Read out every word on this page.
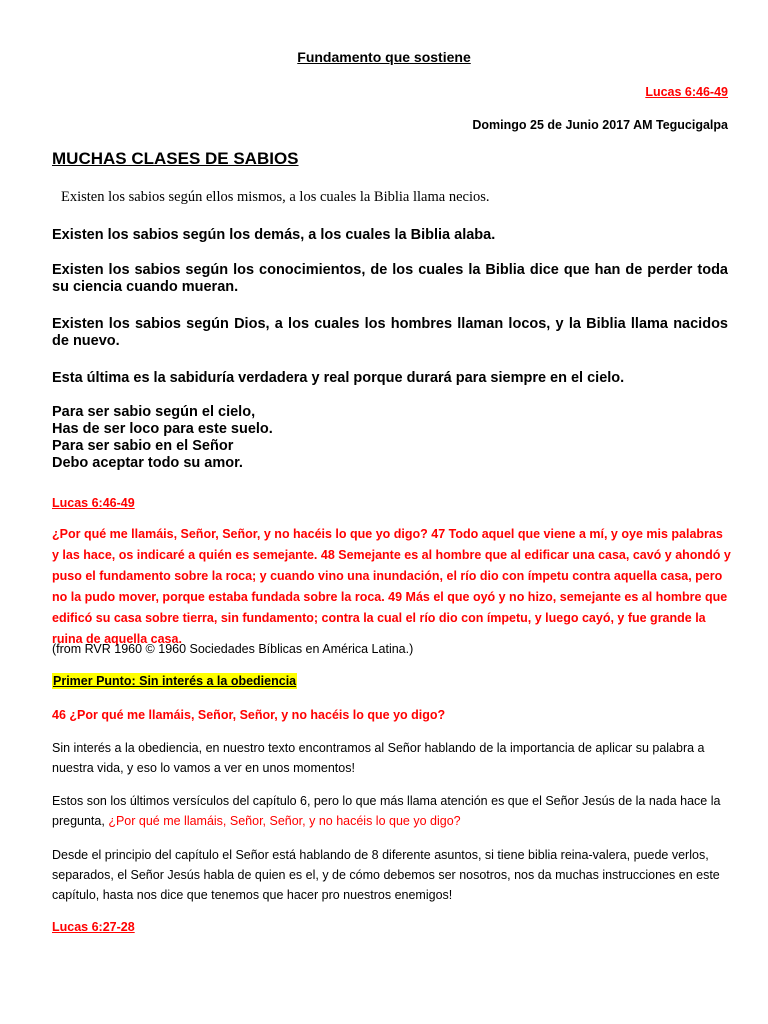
Fundamento que sostiene
Lucas 6:46-49
Domingo 25 de Junio 2017 AM Tegucigalpa
MUCHAS CLASES DE SABIOS
Existen los sabios según ellos mismos, a los cuales la Biblia llama necios.
Existen los sabios según los demás, a los cuales la Biblia alaba.
Existen los sabios según los conocimientos, de los cuales la Biblia dice que han de perder toda su ciencia cuando mueran.
Existen los sabios según Dios, a los cuales los hombres llaman locos, y la Biblia llama nacidos de nuevo.
Esta última es la sabiduría verdadera y real porque durará para siempre en el cielo.
Para ser sabio según el cielo,
Has de ser loco para este suelo.
Para ser sabio en el Señor
Debo aceptar todo su amor.
Lucas 6:46-49
¿Por qué me llamáis, Señor, Señor, y no hacéis lo que yo digo? 47 Todo aquel que viene a mí, y oye mis palabras y las hace, os indicaré a quién es semejante. 48 Semejante es al hombre que al edificar una casa, cavó y ahondó y puso el fundamento sobre la roca; y cuando vino una inundación, el río dio con ímpetu contra aquella casa, pero no la pudo mover, porque estaba fundada sobre la roca. 49 Más el que oyó y no hizo, semejante es al hombre que edificó su casa sobre tierra, sin fundamento; contra la cual el río dio con ímpetu, y luego cayó, y fue grande la ruina de aquella casa.
(from RVR 1960 © 1960 Sociedades Bíblicas en América Latina.)
Primer Punto: Sin interés a la obediencia
46 ¿Por qué me llamáis, Señor, Señor, y no hacéis lo que yo digo?
Sin interés a la obediencia, en nuestro texto encontramos al Señor hablando de la importancia de aplicar su palabra a nuestra vida, y eso lo vamos a ver en unos momentos!
Estos son los últimos versículos del capítulo 6, pero lo que más llama atención es que el Señor Jesús de la nada hace la pregunta, ¿Por qué me llamáis, Señor, Señor, y no hacéis lo que yo digo?
Desde el principio del capítulo el Señor está hablando de 8 diferente asuntos, si tiene biblia reina-valera, puede verlos, separados, el Señor Jesús habla de quien es el, y de cómo debemos ser nosotros, nos da muchas instrucciones en este capítulo, hasta nos dice que tenemos que hacer pro nuestros enemigos!
Lucas 6:27-28
